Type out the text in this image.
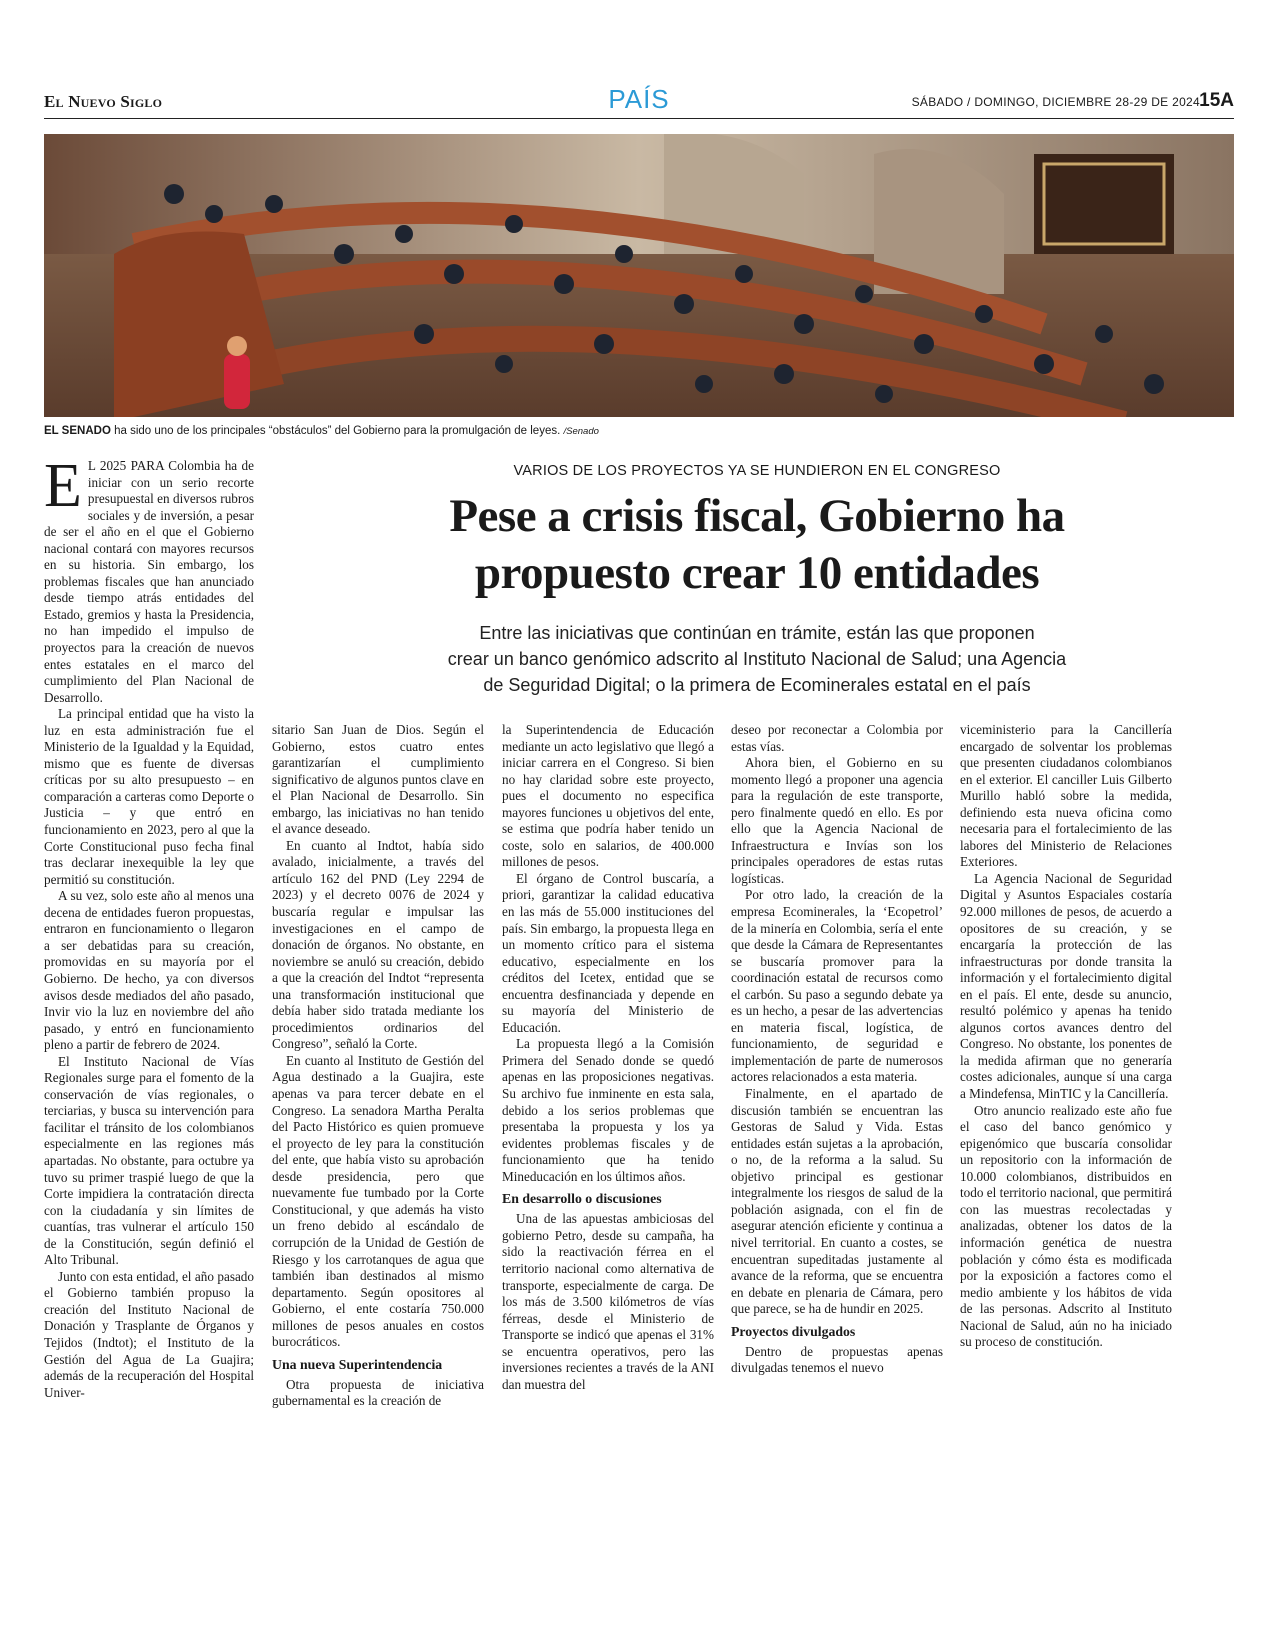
El Nuevo Siglo	PAÍS	SÁBADO / DOMINGO, DICIEMBRE 28-29 DE 2024 15A
EL SENADO ha sido uno de los principales “obstáculos” del Gobierno para la promulgación de leyes. /Senado
VARIOS DE LOS PROYECTOS YA SE HUNDIERON EN EL CONGRESO
Pese a crisis fiscal, Gobierno ha
propuesto crear 10 entidades
Entre las iniciativas que continúan en trámite, están las que proponen
crear un banco genómico adscrito al Instituto Nacional de Salud; una Agencia
de Seguridad Digital; o la primera de Ecominerales estatal en el país
E L 2025 PARA Colombia ha de iniciar con un serio recorte presupuestal en diversos rubros sociales y de inversión, a pesar de ser el año en el que el Gobierno nacional contará con mayores recursos en su historia. Sin embargo, los problemas fiscales que han anunciado desde tiempo atrás entidades del Estado, gremios y hasta la Presidencia, no han impedido el impulso de proyectos para la creación de nuevos entes estatales en el marco del cumplimiento del Plan Nacional de Desarrollo.

La principal entidad que ha visto la luz en esta administración fue el Ministerio de la Igualdad y la Equidad, mismo que es fuente de diversas críticas por su alto presupuesto – en comparación a carteras como Deporte o Justicia – y que entró en funcionamiento en 2023, pero al que la Corte Constitucional puso fecha final tras declarar inexequible la ley que permitió su constitución.

A su vez, solo este año al menos una decena de entidades fueron propuestas, entraron en funcionamiento o llegaron a ser debatidas para su creación, promovidas en su mayoría por el Gobierno. De hecho, ya con diversos avisos desde mediados del año pasado, Invir vio la luz en noviembre del año pasado, y entró en funcionamiento pleno a partir de febrero de 2024.

El Instituto Nacional de Vías Regionales surge para el fomento de la conservación de vías regionales, o terciarias, y busca su intervención para facilitar el tránsito de los colombianos especialmente en las regiones más apartadas. No obstante, para octubre ya tuvo su primer traspié luego de que la Corte impidiera la contratación directa con la ciudadanía y sin límites de cuantías, tras vulnerar el artículo 150 de la Constitución, según definió el Alto Tribunal.

Junto con esta entidad, el año pasado el Gobierno también propuso la creación del Instituto Nacional de Donación y Trasplante de Órganos y Tejidos (Indtot); el Instituto de la Gestión del Agua de La Guajira; además de la recuperación del Hospital Univer-

sitario San Juan de Dios. Según el Gobierno, estos cuatro entes garantizarían el cumplimiento significativo de algunos puntos clave en el Plan Nacional de Desarrollo. Sin embargo, las iniciativas no han tenido el avance deseado.

En cuanto al Indtot, había sido avalado, inicialmente, a través del artículo 162 del PND (Ley 2294 de 2023) y el decreto 0076 de 2024 y buscaría regular e impulsar las investigaciones en el campo de donación de órganos. No obstante, en noviembre se anuló su creación, debido a que la creación del Indtot “representa una transformación institucional que debía haber sido tratada mediante los procedimientos ordinarios del Congreso”, señaló la Corte.

En cuanto al Instituto de Gestión del Agua destinado a la Guajira, este apenas va para tercer debate en el Congreso. La senadora Martha Peralta del Pacto Histórico es quien promueve el proyecto de ley para la constitución del ente, que había visto su aprobación desde presidencia, pero que nuevamente fue tumbado por la Corte Constitucional, y que además ha visto un freno debido al escándalo de corrupción de la Unidad de Gestión de Riesgo y los carrotanques de agua que también iban destinados al mismo departamento. Según opositores al Gobierno, el ente costaría 750.000 millones de pesos anuales en costos burocráticos.

Una nueva Superintendencia

Otra propuesta de iniciativa gubernamental es la creación de

la Superintendencia de Educación mediante un acto legislativo que llegó a iniciar carrera en el Congreso. Si bien no hay claridad sobre este proyecto, pues el documento no especifica mayores funciones u objetivos del ente, se estima que podría haber tenido un coste, solo en salarios, de 400.000 millones de pesos.

El órgano de Control buscaría, a priori, garantizar la calidad educativa en las más de 55.000 instituciones del país. Sin embargo, la propuesta llega en un momento crítico para el sistema educativo, especialmente en los créditos del Icetex, entidad que se encuentra desfinanciada y depende en su mayoría del Ministerio de Educación.

La propuesta llegó a la Comisión Primera del Senado donde se quedó apenas en las proposiciones negativas. Su archivo fue inminente en esta sala, debido a los serios problemas que presentaba la propuesta y los ya evidentes problemas fiscales y de funcionamiento que ha tenido Mineducación en los últimos años.

En desarrollo o discusiones

Una de las apuestas ambiciosas del gobierno Petro, desde su campaña, ha sido la reactivación férrea en el territorio nacional como alternativa de transporte, especialmente de carga. De los más de 3.500 kilómetros de vías férreas, desde el Ministerio de Transporte se indicó que apenas el 31% se encuentra operativos, pero las inversiones recientes a través de la ANI dan muestra del

deseo por reconectar a Colombia por estas vías.

Ahora bien, el Gobierno en su momento llegó a proponer una agencia para la regulación de este transporte, pero finalmente quedó en ello. Es por ello que la Agencia Nacional de Infraestructura e Invías son los principales operadores de estas rutas logísticas.

Por otro lado, la creación de la empresa Ecominerales, la ‘Ecopetrol’ de la minería en Colombia, sería el ente que desde la Cámara de Representantes se buscaría promover para la coordinación estatal de recursos como el carbón. Su paso a segundo debate ya es un hecho, a pesar de las advertencias en materia fiscal, logística, de funcionamiento, de seguridad e implementación de parte de numerosos actores relacionados a esta materia.

Finalmente, en el apartado de discusión también se encuentran las Gestoras de Salud y Vida. Estas entidades están sujetas a la aprobación, o no, de la reforma a la salud. Su objetivo principal es gestionar integralmente los riesgos de salud de la población asignada, con el fin de asegurar atención eficiente y continua a nivel territorial. En cuanto a costes, se encuentran supeditadas justamente al avance de la reforma, que se encuentra en debate en plenaria de Cámara, pero que parece, se ha de hundir en 2025.

Proyectos divulgados

Dentro de propuestas apenas divulgadas tenemos el nuevo

viceministerio para la Cancillería encargado de solventar los problemas que presenten ciudadanos colombianos en el exterior. El canciller Luis Gilberto Murillo habló sobre la medida, definiendo esta nueva oficina como necesaria para el fortalecimiento de las labores del Ministerio de Relaciones Exteriores.

La Agencia Nacional de Seguridad Digital y Asuntos Espaciales costaría 92.000 millones de pesos, de acuerdo a opositores de su creación, y se encargaría la protección de las infraestructuras por donde transita la información y el fortalecimiento digital en el país. El ente, desde su anuncio, resultó polémico y apenas ha tenido algunos cortos avances dentro del Congreso. No obstante, los ponentes de la medida afirman que no generaría costes adicionales, aunque sí una carga a Mindefensa, MinTIC y la Cancillería.

Otro anuncio realizado este año fue el caso del banco genómico y epigenómico que buscaría consolidar un repositorio con la información de 10.000 colombianos, distribuidos en todo el territorio nacional, que permitirá con las muestras recolectadas y analizadas, obtener los datos de la información genética de nuestra población y cómo ésta es modificada por la exposición a factores como el medio ambiente y los hábitos de vida de las personas. Adscrito al Instituto Nacional de Salud, aún no ha iniciado su proceso de constitución.
